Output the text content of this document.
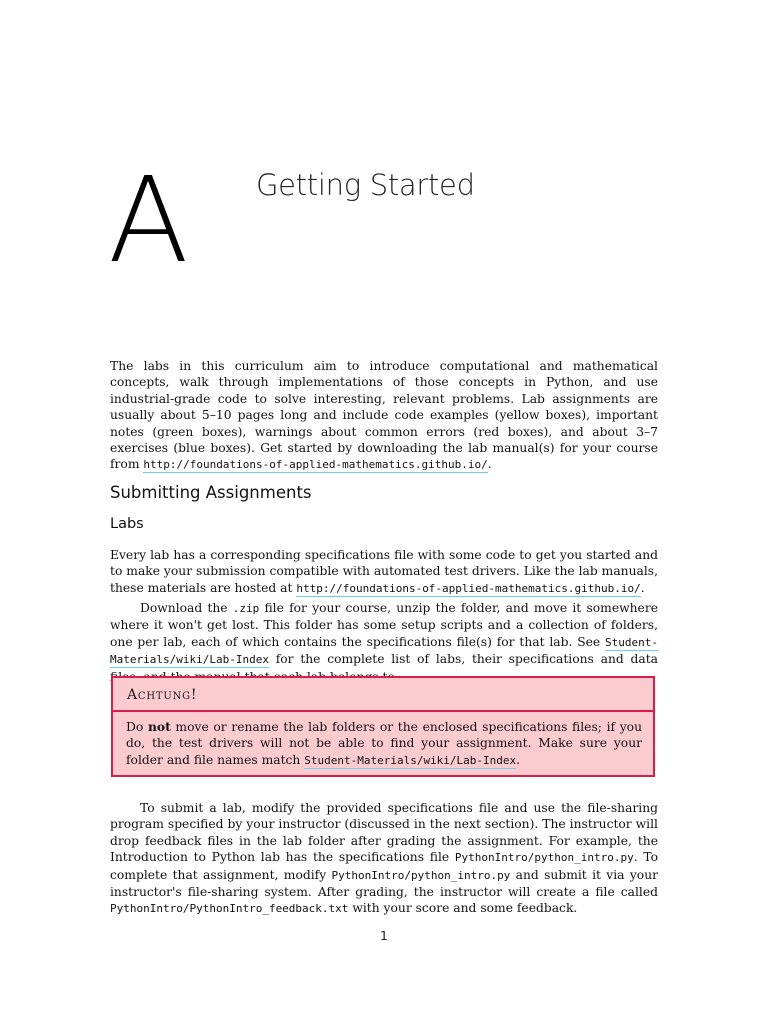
A Getting Started
The labs in this curriculum aim to introduce computational and mathematical concepts, walk through implementations of those concepts in Python, and use industrial-grade code to solve interesting, relevant problems. Lab assignments are usually about 5–10 pages long and include code examples (yellow boxes), important notes (green boxes), warnings about common errors (red boxes), and about 3–7 exercises (blue boxes). Get started by downloading the lab manual(s) for your course from http://foundations-of-applied-mathematics.github.io/.
Submitting Assignments
Labs
Every lab has a corresponding specifications file with some code to get you started and to make your submission compatible with automated test drivers. Like the lab manuals, these materials are hosted at http://foundations-of-applied-mathematics.github.io/.
Download the .zip file for your course, unzip the folder, and move it somewhere where it won't get lost. This folder has some setup scripts and a collection of folders, one per lab, each of which contains the specifications file(s) for that lab. See Student-Materials/wiki/Lab-Index for the complete list of labs, their specifications and data
Achtung!
Do not move or rename the lab folders or the enclosed specifications files; if you do, the test drivers will not be able to find your assignment. Make sure your folder and file names match Student-Materials/wiki/Lab-Index.
To submit a lab, modify the provided specifications file and use the file-sharing program specified by your instructor (discussed in the next section). The instructor will drop feedback files in the lab folder after grading the assignment. For example, the Introduction to Python lab has the specifications file PythonIntro/python_intro.py. To complete that assignment, modify PythonIntro/python_intro.py and submit it via your instructor's file-sharing system. After grading, the instructor will create a file called PythonIntro/PythonIntro_feedback.txt with your score and some feedback.
1
